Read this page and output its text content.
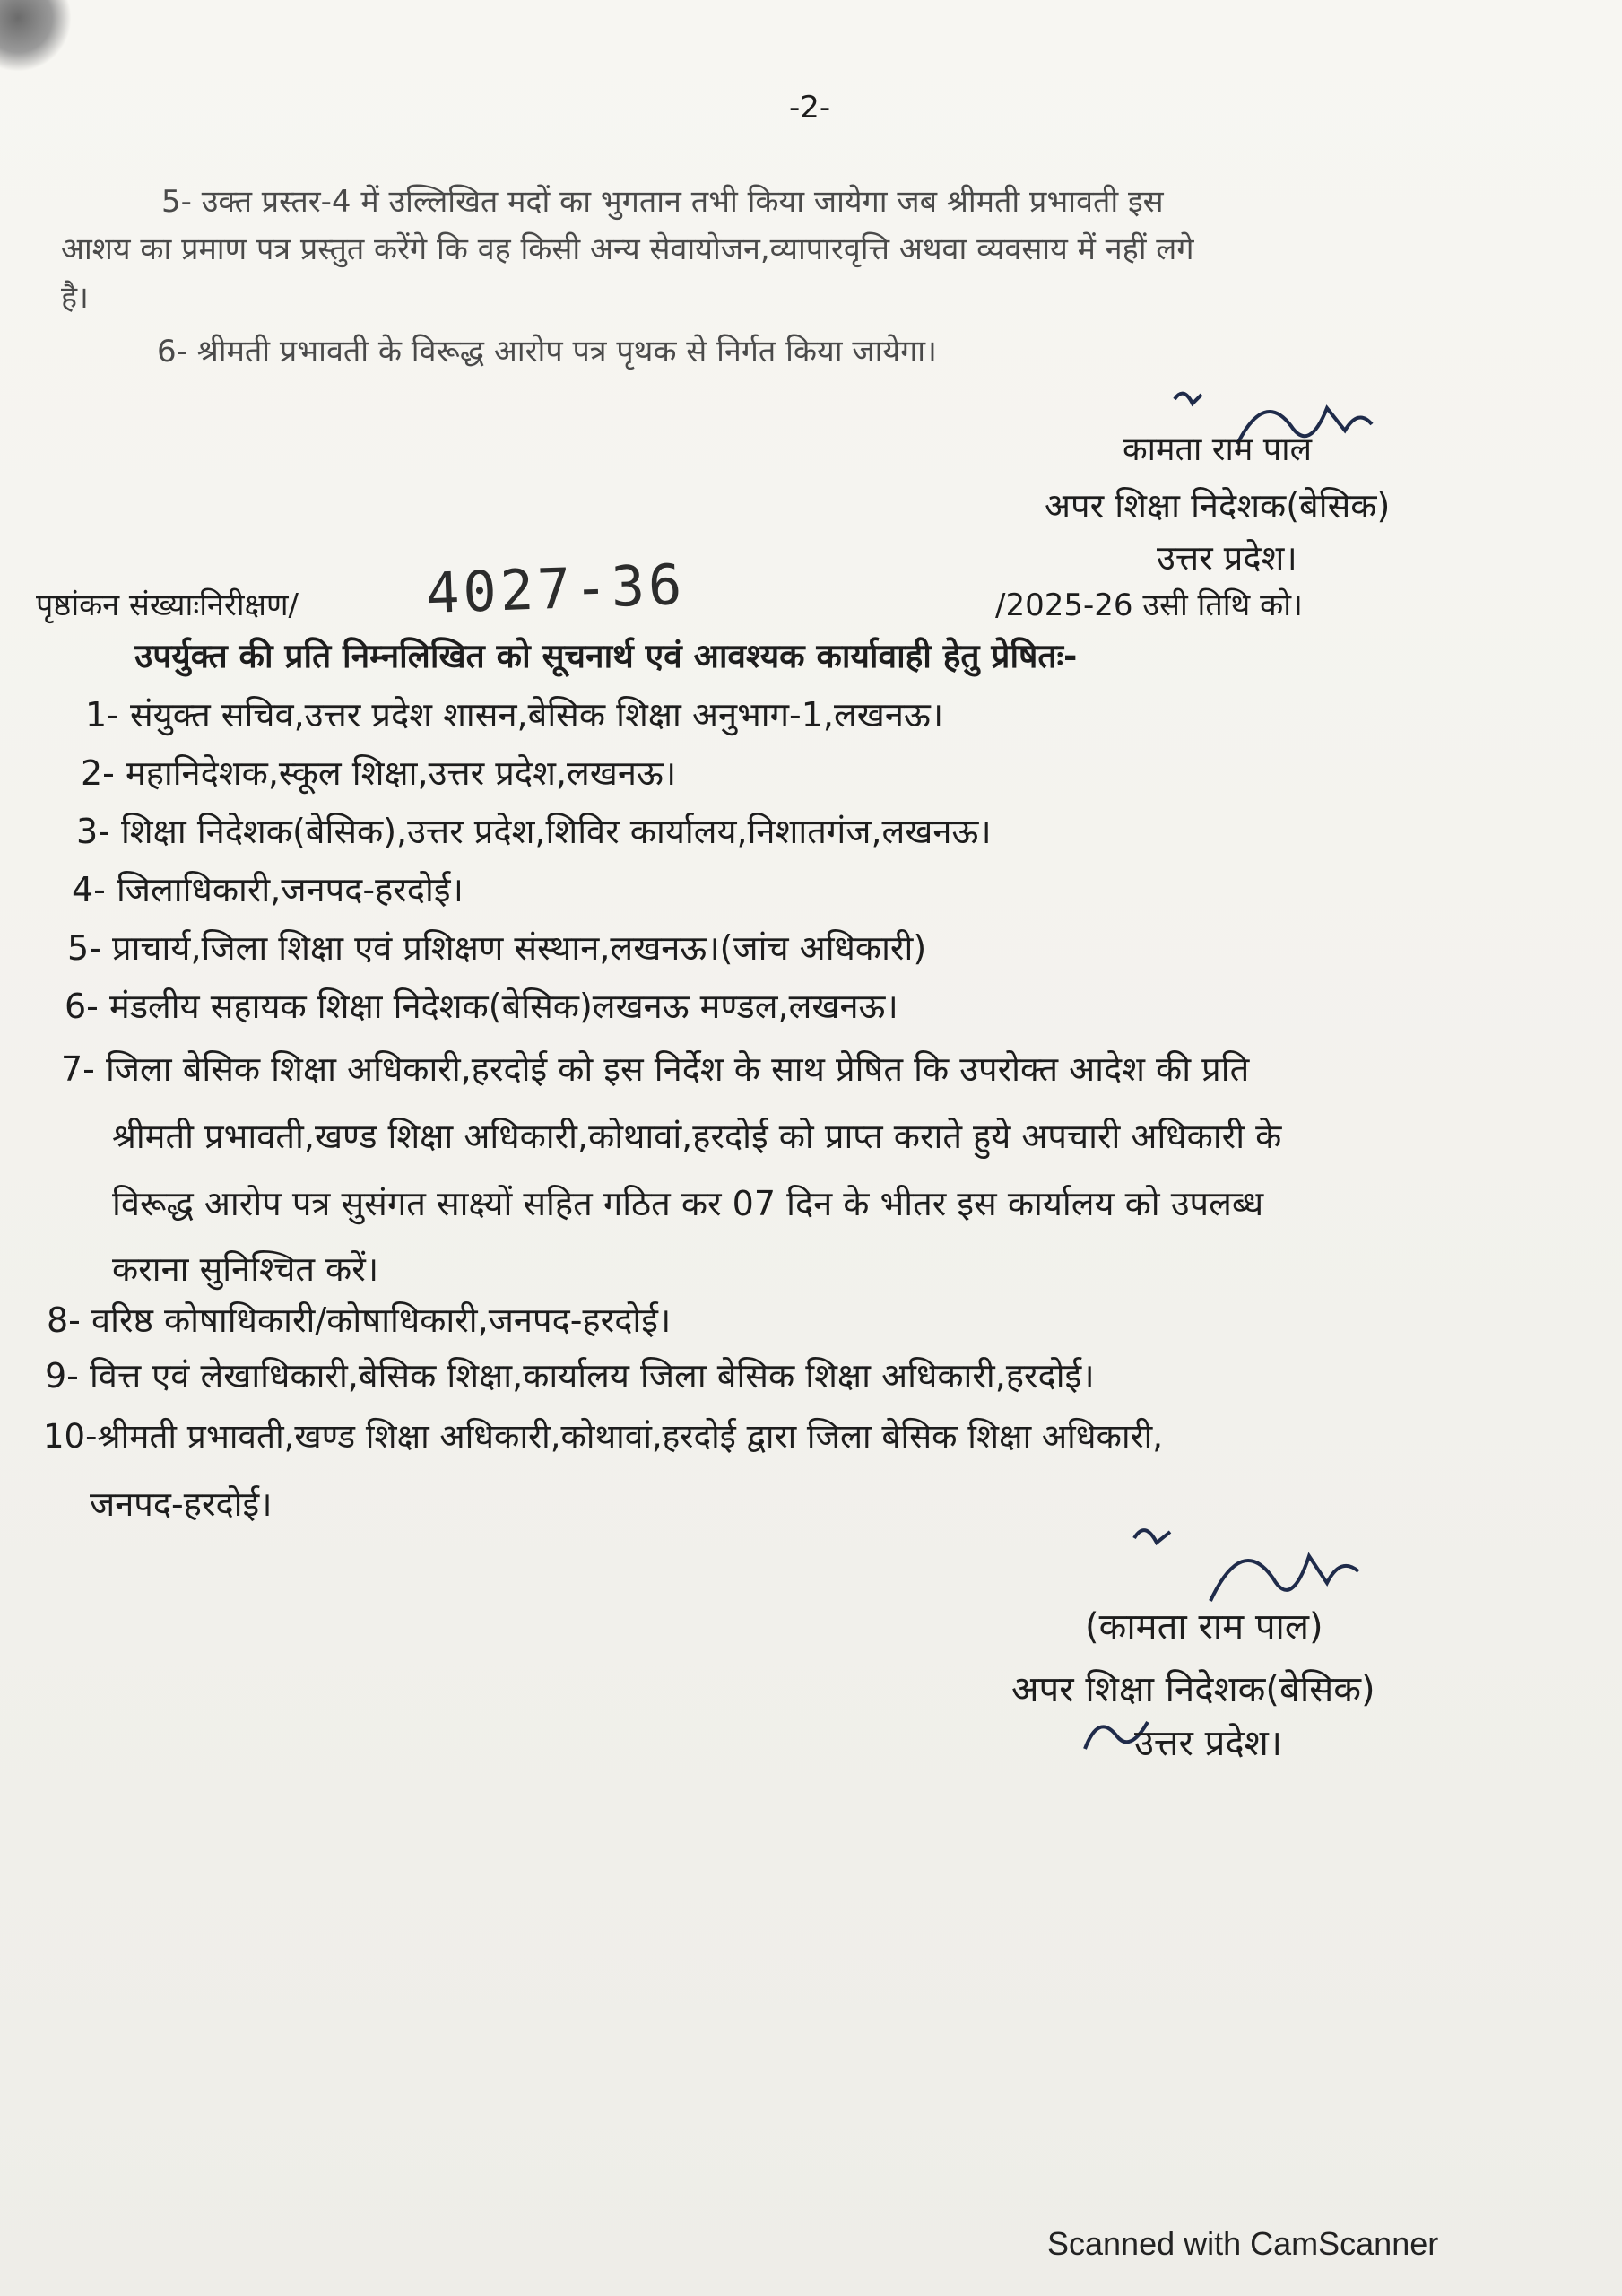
-2-
5- उक्त प्रस्तर-4 में उल्लिखित मदों का भुगतान तभी किया जायेगा जब श्रीमती प्रभावती इस
आशय का प्रमाण पत्र प्रस्तुत करेंगे कि वह किसी अन्य सेवायोजन,व्यापारवृत्ति अथवा व्यवसाय में नहीं लगे
है।
6- श्रीमती प्रभावती के विरूद्ध आरोप पत्र पृथक से निर्गत किया जायेगा।
कामता राम पाल
अपर शिक्षा निदेशक(बेसिक)
उत्तर प्रदेश।
पृष्ठांकन संख्याःनिरीक्षण/ 4027-36	/2025-26 उसी तिथि को।
उपर्युक्त की प्रति निम्नलिखित को सूचनार्थ एवं आवश्यक कार्यावाही हेतु प्रेषितः-
1- संयुक्त सचिव,उत्तर प्रदेश शासन,बेसिक शिक्षा अनुभाग-1,लखनऊ।
2- महानिदेशक,स्कूल शिक्षा,उत्तर प्रदेश,लखनऊ।
3- शिक्षा निदेशक(बेसिक),उत्तर प्रदेश,शिविर कार्यालय,निशातगंज,लखनऊ।
4- जिलाधिकारी,जनपद-हरदोई।
5- प्राचार्य,जिला शिक्षा एवं प्रशिक्षण संस्थान,लखनऊ।(जांच अधिकारी)
6- मंडलीय सहायक शिक्षा निदेशक(बेसिक)लखनऊ मण्डल,लखनऊ।
7- जिला बेसिक शिक्षा अधिकारी,हरदोई को इस निर्देश के साथ प्रेषित कि उपरोक्त आदेश की प्रति
श्रीमती प्रभावती,खण्ड शिक्षा अधिकारी,कोथावां,हरदोई को प्राप्त कराते हुये अपचारी अधिकारी के
विरूद्ध आरोप पत्र सुसंगत साक्ष्यों सहित गठित कर 07 दिन के भीतर इस कार्यालय को उपलब्ध
कराना सुनिश्चित करें।
8- वरिष्ठ कोषाधिकारी/कोषाधिकारी,जनपद-हरदोई।
9- वित्त एवं लेखाधिकारी,बेसिक शिक्षा,कार्यालय जिला बेसिक शिक्षा अधिकारी,हरदोई।
10-श्रीमती प्रभावती,खण्ड शिक्षा अधिकारी,कोथावां,हरदोई द्वारा जिला बेसिक शिक्षा अधिकारी,
जनपद-हरदोई।
(कामता राम पाल)
अपर शिक्षा निदेशक(बेसिक)
उत्तर प्रदेश।
Scanned with CamScanner
